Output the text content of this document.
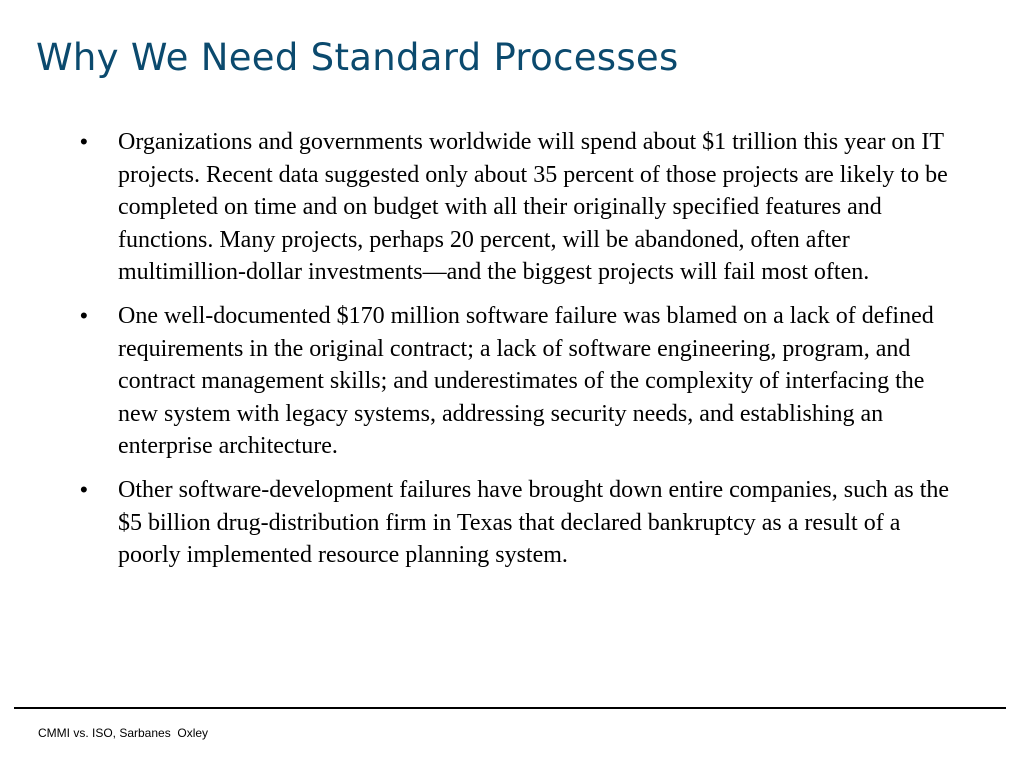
Why We Need Standard Processes
•	Organizations and governments worldwide will spend about $1 trillion this year on IT projects. Recent data suggested only about 35 percent of those projects are likely to be completed on time and on budget with all their originally specified features and functions. Many projects, perhaps 20 percent, will be abandoned, often after multimillion-dollar investments—and the biggest projects will fail most often.

•	One well-documented $170 million software failure was blamed on a lack of defined requirements in the original contract; a lack of software engineering, program, and contract management skills; and underestimates of the complexity of interfacing the new system with legacy systems, addressing security needs, and establishing an enterprise architecture.

•	Other software-development failures have brought down entire companies, such as the $5 billion drug-distribution firm in Texas that declared bankruptcy as a result of a poorly implemented resource planning system.

CMMI vs. ISO, Sarbanes  Oxley
